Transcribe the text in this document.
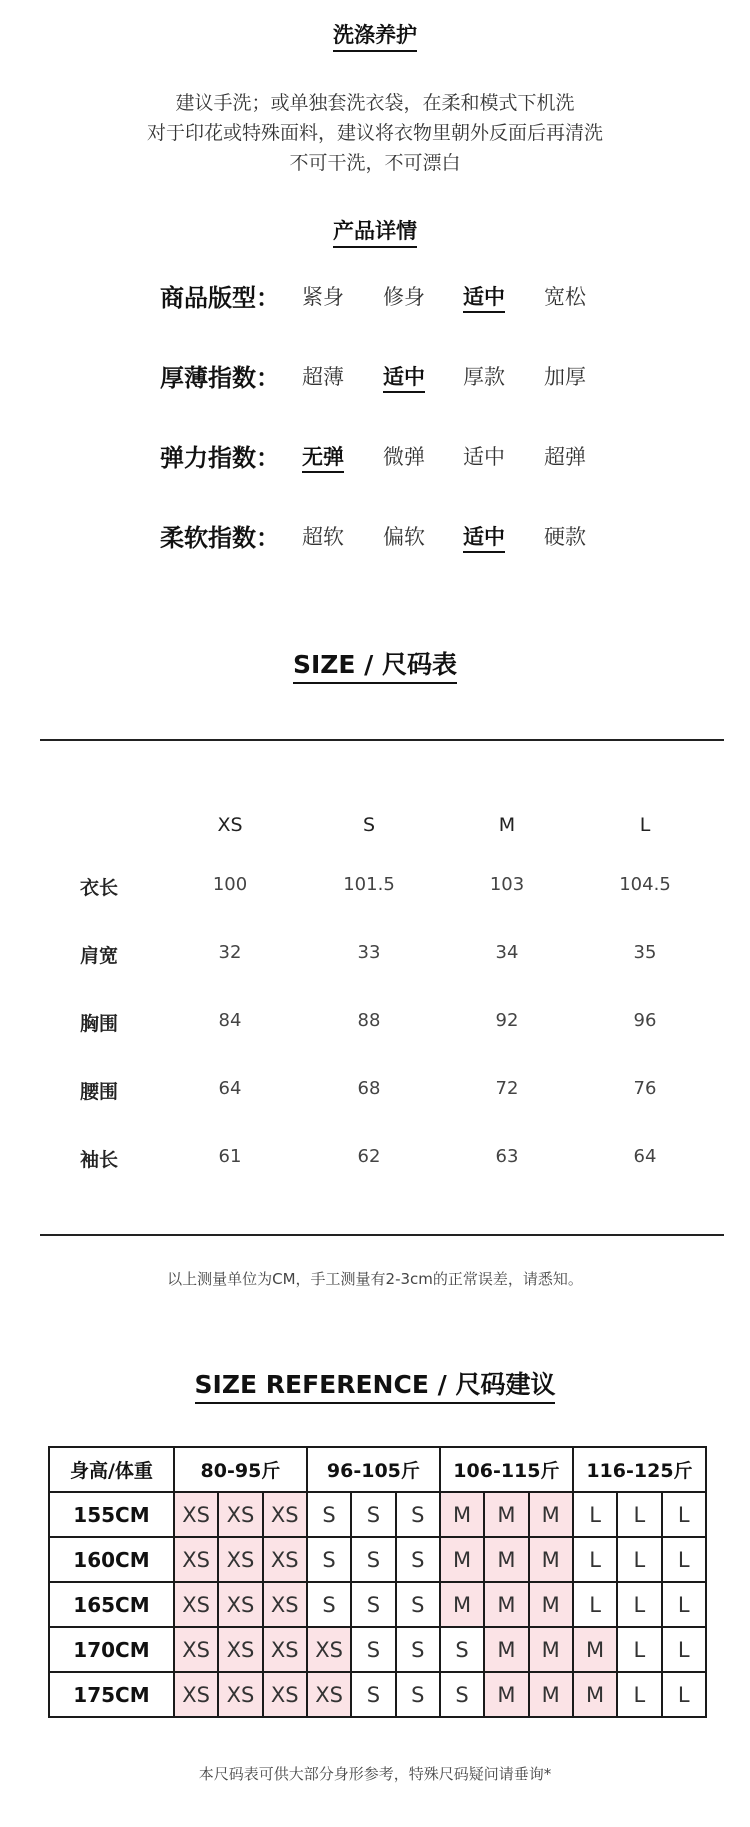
洗涤养护
建议手洗；或单独套洗衣袋，在柔和模式下机洗
对于印花或特殊面料，建议将衣物里朝外反面后再清洗
不可干洗，不可漂白
产品详情
商品版型：	紧身	修身	适中	宽松
厚薄指数：	超薄	适中	厚款	加厚
弹力指数：	无弹	微弹	适中	超弹
柔软指数：	超软	偏软	适中	硬款
SIZE / 尺码表
XS	S	M	L
衣长	100	101.5	103	104.5
肩宽	32	33	34	35
胸围	84	88	92	96
腰围	64	68	72	76
袖长	61	62	63	64
以上测量单位为CM，手工测量有2-3cm的正常误差，请悉知。
SIZE REFERENCE / 尺码建议
身高/体重	80-95斤			96-105斤			106-115斤			116-125斤		
155CM	XS	XS	XS	S	S	S	M	M	M	L	L	L
160CM	XS	XS	XS	S	S	S	M	M	M	L	L	L
165CM	XS	XS	XS	S	S	S	M	M	M	L	L	L
170CM	XS	XS	XS	XS	S	S	S	M	M	M	L	L
175CM	XS	XS	XS	XS	S	S	S	M	M	M	L	L
本尺码表可供大部分身形参考，特殊尺码疑问请垂询*
